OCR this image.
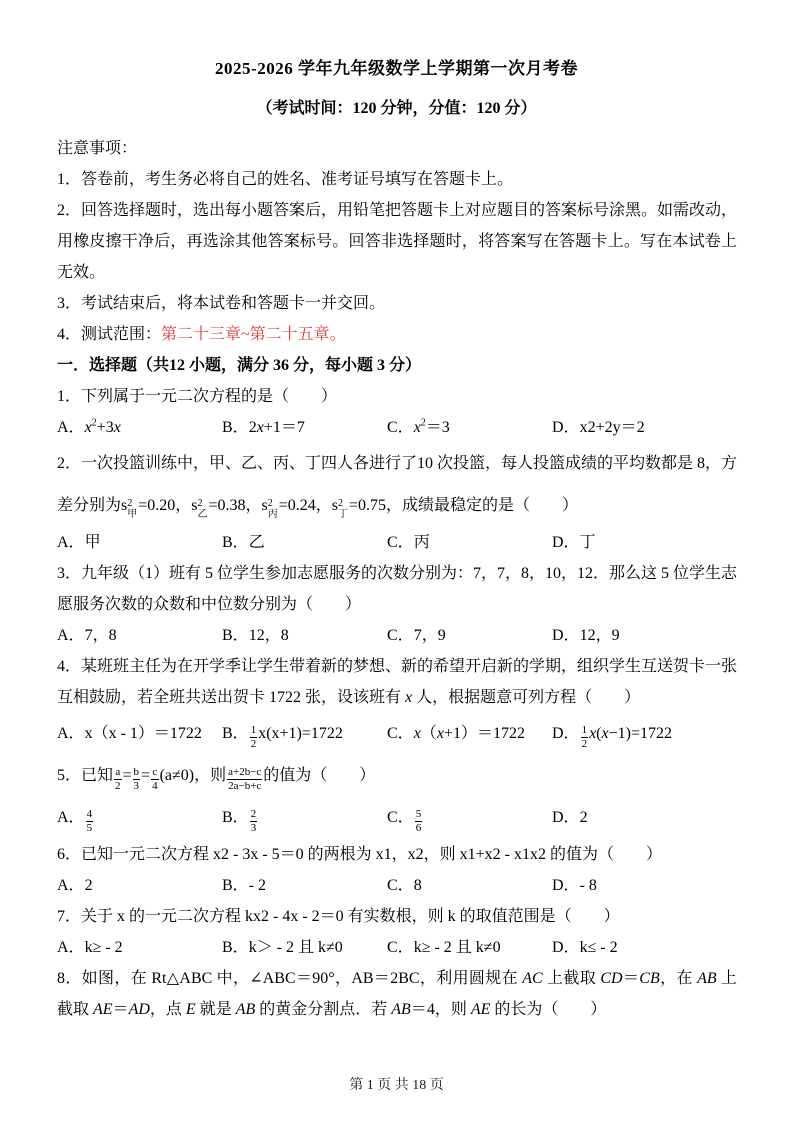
2025-2026 学年九年级数学上学期第一次月考卷
（考试时间：120 分钟，分值：120 分）

注意事项：

1．答卷前，考生务必将自己的姓名、准考证号填写在答题卡上。

2．回答选择题时，选出每小题答案后，用铅笔把答题卡上对应题目的答案标号涂黑。如需改动，用橡皮擦干净后，再选涂其他答案标号。回答非选择题时，将答案写在答题卡上。写在本试卷上无效。

3．考试结束后，将本试卷和答题卡一并交回。

4．测试范围：第二十三章~第二十五章。

一．选择题（共12 小题，满分 36 分，每小题 3 分）

1．下列属于一元二次方程的是（　　）

A．$x^2+3x$	B．2x+1＝7	C．$x^2=3$	D．x2+2y＝2

2．一次投篮训练中，甲、乙、丙、丁四人各进行了10 次投篮，每人投篮成绩的平均数都是 8，方差分别为s 2
甲
=0.20，s 2
乙
=0.38，s 2
丙
=0.24，s 2
丁
=0.75，成绩最稳定的是（　　）

A．甲	B．乙	C．丙	D．丁

3．九年级（1）班有 5 位学生参加志愿服务的次数分别为：7，7，8，10，12．那么这 5 位学生志愿服务次数的众数和中位数分别为（　　）

A．7，8	B．12，8	C．7，9	D．12，9

4．某班班主任为在开学季让学生带着新的梦想、新的希望开启新的学期，组织学生互送贺卡一张互相鼓励，若全班共送出贺卡 1722 张，设该班有 x 人，根据题意可列方程（　　）

A．x（x - 1）＝1722	B． $\frac{1}{2} x(x+1)=1722$	C．x（x+1）＝1722	D． $\frac{1}{2} x(x-1)=1722$

5．已知 $\frac{a}{2} = \frac{b}{3} = \frac{c}{4} (a\ne 0)$，则 $\frac{a+2b-c}{2a-b+c}$ 的值为（　　）

A． $\frac{4}{5}$	B． $\frac{2}{3}$	C． $\frac{5}{6}$	D．2

6．已知一元二次方程 x2 - 3x - 5＝0 的两根为 x1，x2，则 x1+x2 - x1x2 的值为（　　）

A．2	B．- 2	C．8	D．- 8

7．关于 x 的一元二次方程 kx2 - 4x - 2＝0 有实数根，则 k 的取值范围是（　　）

A．k≥ - 2	B．k＞ - 2 且 k≠0	C．k≥ - 2 且 k≠0	D．k≤ - 2

8．如图，在 Rt△ABC 中，∠ABC＝90°，AB＝2BC，利用圆规在 AC 上截取 CD＝CB，在 AB 上截取 AE＝AD，点 E 就是 AB 的黄金分割点．若 AB＝4，则 AE 的长为（　　）

第 1 页 共 18 页
